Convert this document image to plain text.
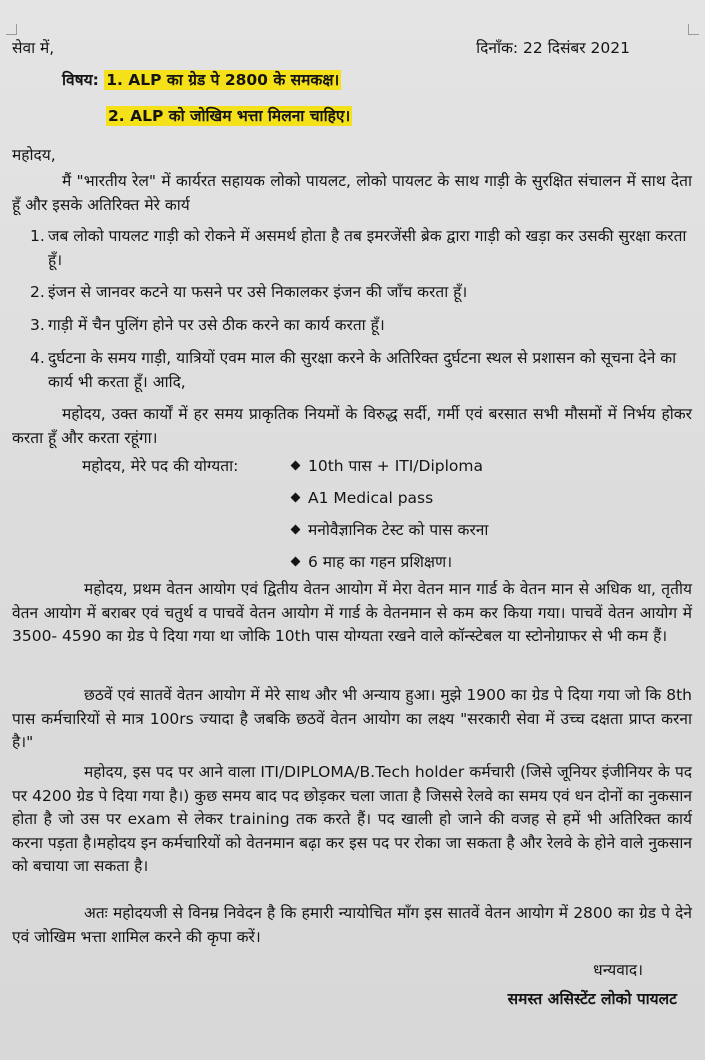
सेवा में,	दिनाँक: 22 दिसंबर 2021
विषय: 1. ALP का ग्रेड पे 2800 के समकक्ष।
2. ALP को जोखिम भत्ता मिलना चाहिए।
महोदय,
मैं "भारतीय रेल" में कार्यरत सहायक लोको पायलट, लोको पायलट के साथ गाड़ी के सुरक्षित संचालन में साथ देता हूँ और इसके अतिरिक्त मेरे कार्य
1. जब लोको पायलट गाड़ी को रोकने में असमर्थ होता है तब इमरजेंसी ब्रेक द्वारा गाड़ी को खड़ा कर उसकी सुरक्षा करता हूँ।
2. इंजन से जानवर कटने या फसने पर उसे निकालकर इंजन की जाँच करता हूँ।
3. गाड़ी में चैन पुलिंग होने पर उसे ठीक करने का कार्य करता हूँ।
4. दुर्घटना के समय गाड़ी, यात्रियों एवम माल की सुरक्षा करने के अतिरिक्त दुर्घटना स्थल से प्रशासन को सूचना देने का कार्य भी करता हूँ। आदि,
महोदय, उक्त कार्यों में हर समय प्राकृतिक नियमों के विरुद्ध सर्दी, गर्मी एवं बरसात सभी मौसमों में निर्भय होकर करता हूँ और करता रहूंगा।
महोदय, मेरे पद की योग्यता:	10th पास + ITI/Diploma
A1 Medical pass
मनोवैज्ञानिक टेस्ट को पास करना
6 माह का गहन प्रशिक्षण।
महोदय, प्रथम वेतन आयोग एवं द्वितीय वेतन आयोग में मेरा वेतन मान गार्ड के वेतन मान से अधिक था, तृतीय वेतन आयोग में बराबर एवं चतुर्थ व पाचवें वेतन आयोग में गार्ड के वेतनमान से कम कर किया गया। पाचवें वेतन आयोग में 3500- 4590 का ग्रेड पे दिया गया था जोकि 10th पास योग्यता रखने वाले कॉन्स्टेबल या स्टोनोग्राफर से भी कम हैं।
छठवें एवं सातवें वेतन आयोग में मेरे साथ और भी अन्याय हुआ। मुझे 1900 का ग्रेड पे दिया गया जो कि 8th पास कर्मचारियों से मात्र 100rs ज्यादा है जबकि छठवें वेतन आयोग का लक्ष्य "सरकारी सेवा में उच्च दक्षता प्राप्त करना है।"
महोदय, इस पद पर आने वाला ITI/DIPLOMA/B.Tech holder कर्मचारी (जिसे जूनियर इंजीनियर के पद पर 4200 ग्रेड पे दिया गया है।) कुछ समय बाद पद छोड़कर चला जाता है जिससे रेलवे का समय एवं धन दोनों का नुकसान होता है जो उस पर exam से लेकर training तक करते हैं। पद खाली हो जाने की वजह से हमें भी अतिरिक्त कार्य करना पड़ता है।महोदय इन कर्मचारियों को वेतनमान बढ़ा कर इस पद पर रोका जा सकता है और रेलवे के होने वाले नुकसान को बचाया जा सकता है।
अतः महोदयजी से विनम्र निवेदन है कि हमारी न्यायोचित माँग इस सातवें वेतन आयोग में 2800 का ग्रेड पे देने एवं जोखिम भत्ता शामिल करने की कृपा करें।
धन्यवाद।
समस्त असिस्टेंट लोको पायलट
